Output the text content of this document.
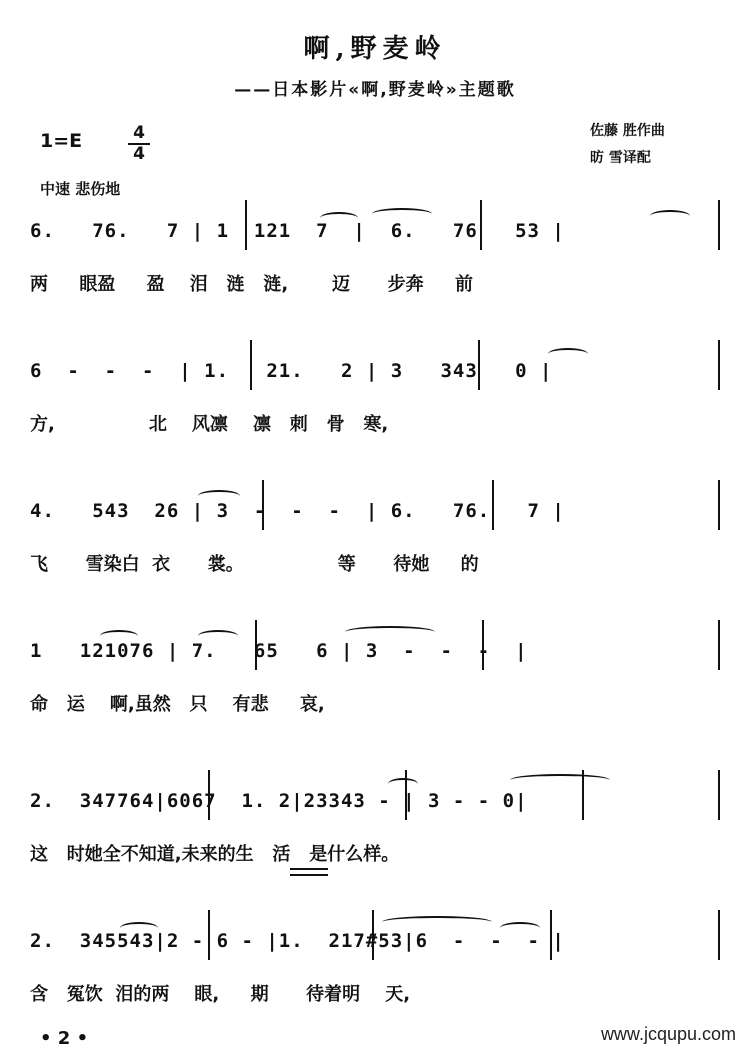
啊,野麦岭
——日本影片«啊,野麦岭»主题歌
1=E	4
4
佐藤 胜作曲
昉 雪译配
中速 悲伤地
6.   76.   7 | 1  121  7  |  6.   76   53 |
两     眼盈     盈    泪   涟   涟,       迈      步奔     前
6  -  -  -  | 1.   21.   2 | 3   343   0 |
方,               北    风凛    凛   刺   骨   寒,
4.   543  26 | 3  -  -  -  | 6.   76.   7 |
飞      雪染白  衣      裳。               等      待她     的
1   121076 | 7.   65   6 | 3  -  -  -  |
命   运    啊,虽然   只    有悲     哀,
2.  347764|6067  1. 2|23343 - | 3 - - 0|
这   时她全不知道,未来的生   活   是什么样。
2.  345543|2 - 6 - |1.  217#53|6  -  -  - |
含   冤饮  泪的两    眼,     期      待着明    天,
• 2 •	www.jcqupu.com
